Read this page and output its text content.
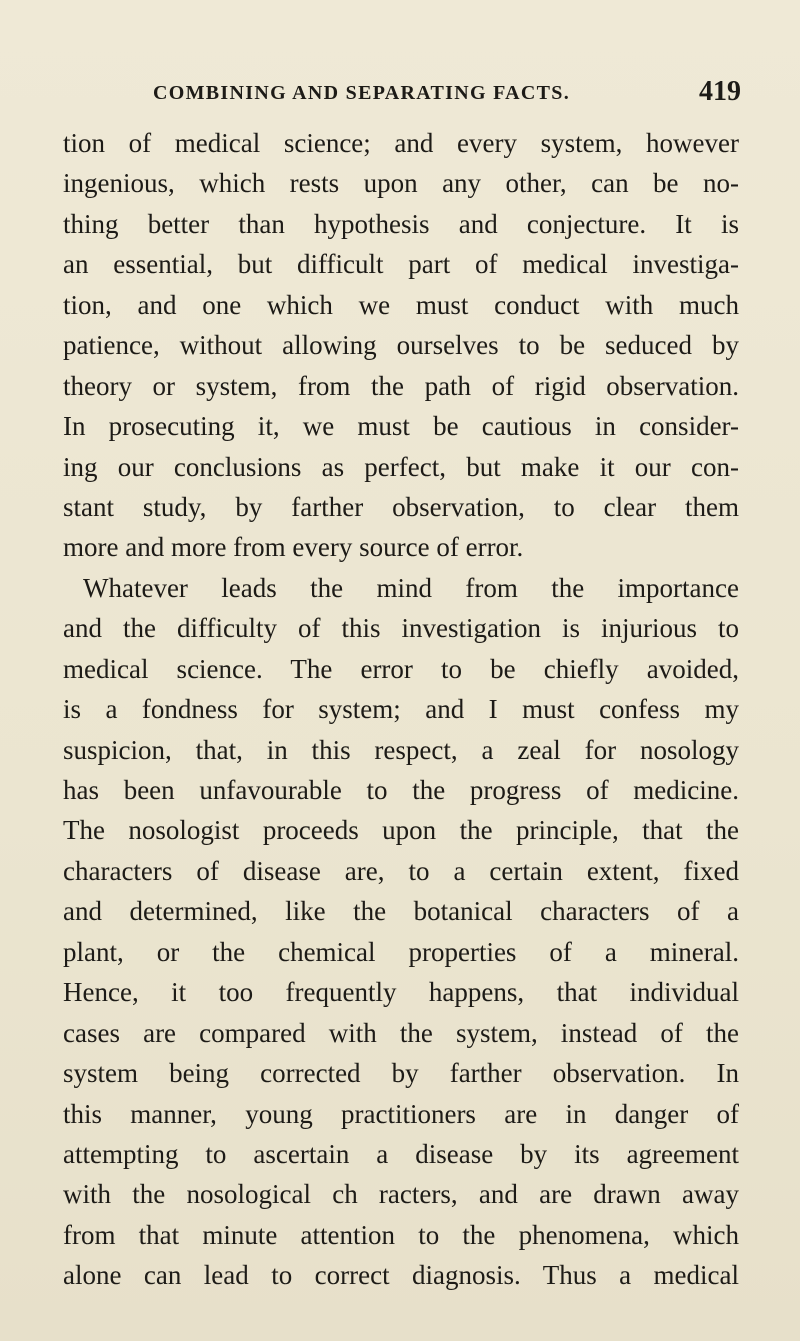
COMBINING AND SEPARATING FACTS.	419
tion of medical science; and every system, however
ingenious, which rests upon any other, can be no-
thing better than hypothesis and conjecture. It is
an essential, but difficult part of medical investiga-
tion, and one which we must conduct with much
patience, without allowing ourselves to be seduced by
theory or system, from the path of rigid observation.
In prosecuting it, we must be cautious in consider-
ing our conclusions as perfect, but make it our con-
stant study, by farther observation, to clear them
more and more from every source of error.
Whatever leads the mind from the importance
and the difficulty of this investigation is injurious to
medical science. The error to be chiefly avoided,
is a fondness for system; and I must confess my
suspicion, that, in this respect, a zeal for nosology
has been unfavourable to the progress of medicine.
The nosologist proceeds upon the principle, that the
characters of disease are, to a certain extent, fixed
and determined, like the botanical characters of a
plant, or the chemical properties of a mineral.
Hence, it too frequently happens, that individual
cases are compared with the system, instead of the
system being corrected by farther observation. In
this manner, young practitioners are in danger of
attempting to ascertain a disease by its agreement
with the nosological ch racters, and are drawn away
from that minute attention to the phenomena, which
alone can lead to correct diagnosis. Thus a medical
